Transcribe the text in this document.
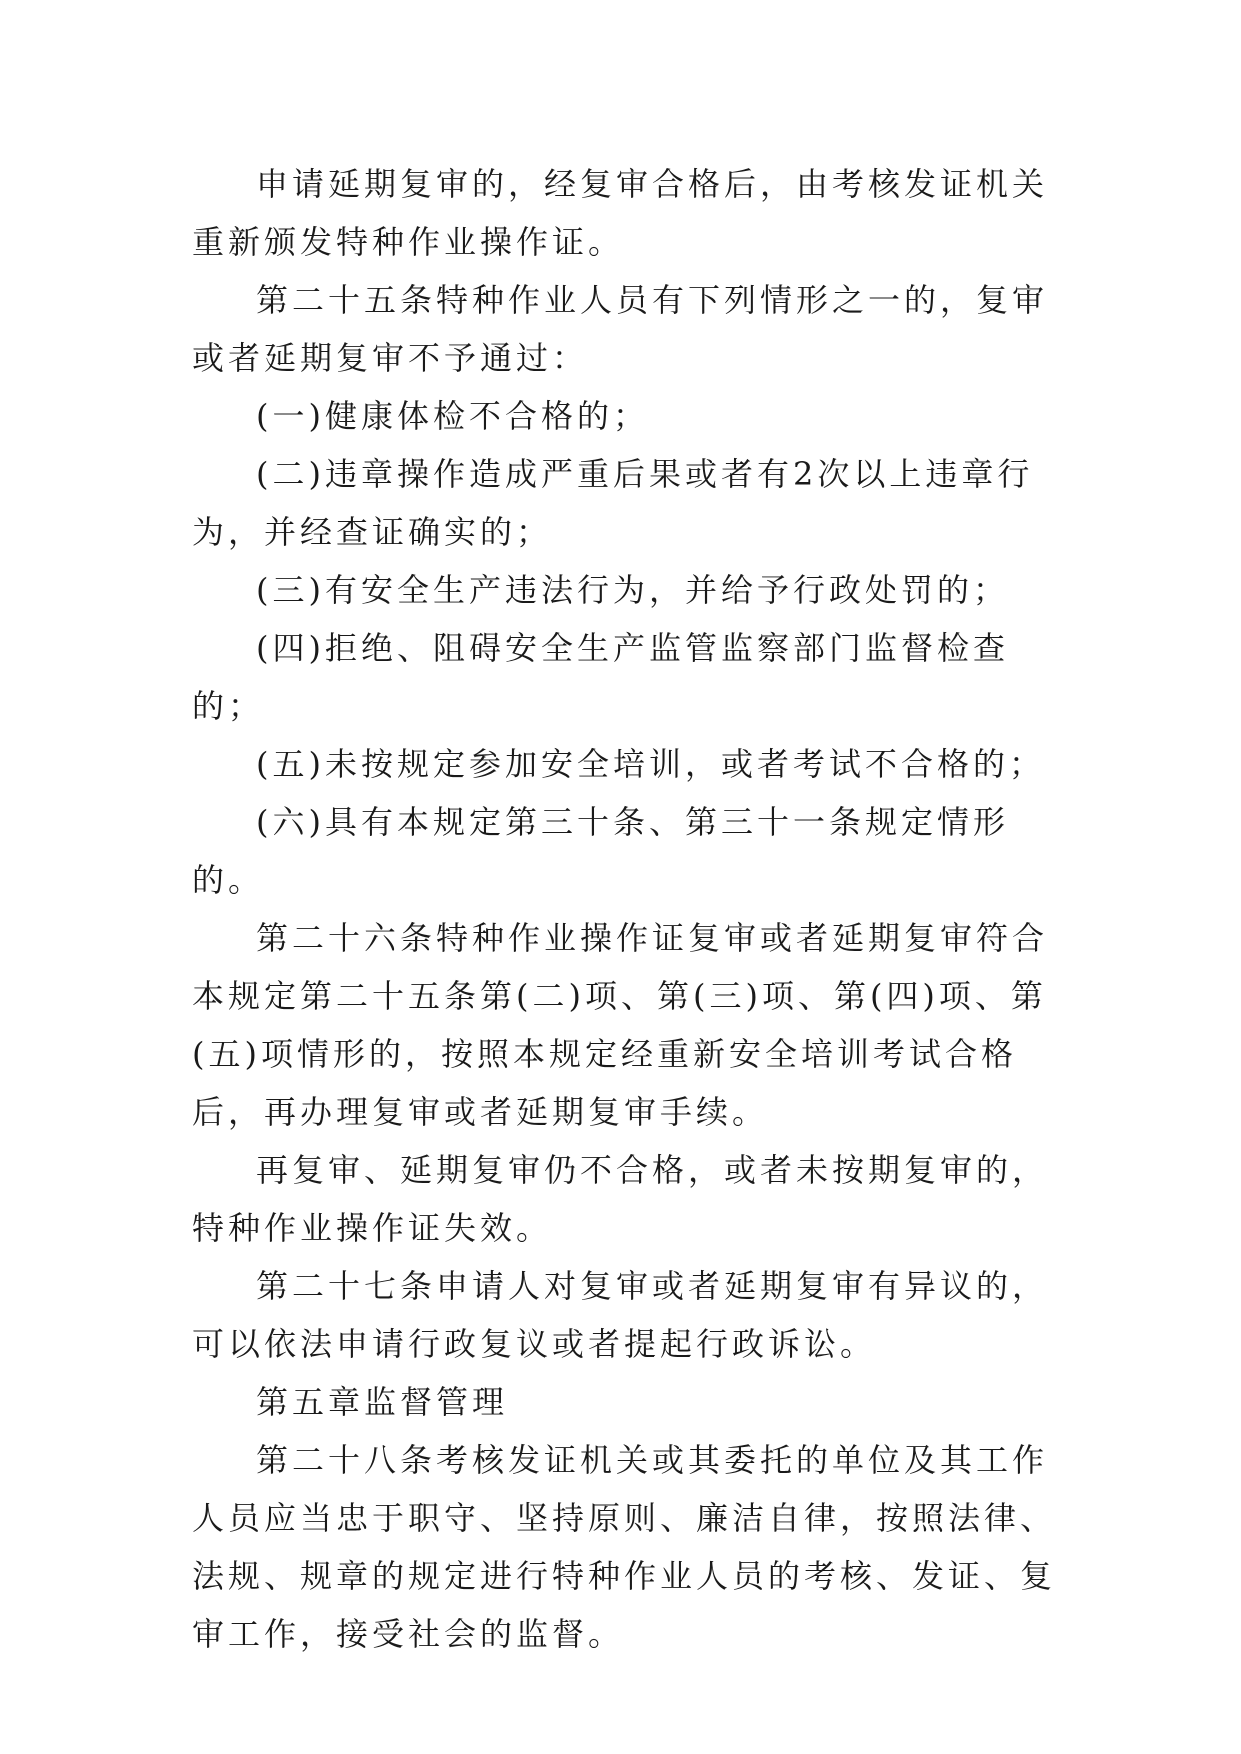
申请延期复审的，经复审合格后，由考核发证机关重新颁发特种作业操作证。

第二十五条特种作业人员有下列情形之一的，复审或者延期复审不予通过：

(一)健康体检不合格的；

(二)违章操作造成严重后果或者有2次以上违章行为，并经查证确实的；

(三)有安全生产违法行为，并给予行政处罚的；

(四)拒绝、阻碍安全生产监管监察部门监督检查的；

(五)未按规定参加安全培训，或者考试不合格的；

(六)具有本规定第三十条、第三十一条规定情形的。

第二十六条特种作业操作证复审或者延期复审符合本规定第二十五条第(二)项、第(三)项、第(四)项、第(五)项情形的，按照本规定经重新安全培训考试合格后，再办理复审或者延期复审手续。

再复审、延期复审仍不合格，或者未按期复审的，特种作业操作证失效。

第二十七条申请人对复审或者延期复审有异议的，可以依法申请行政复议或者提起行政诉讼。

第五章监督管理

第二十八条考核发证机关或其委托的单位及其工作人员应当忠于职守、坚持原则、廉洁自律，按照法律、法规、规章的规定进行特种作业人员的考核、发证、复审工作，接受社会的监督。
